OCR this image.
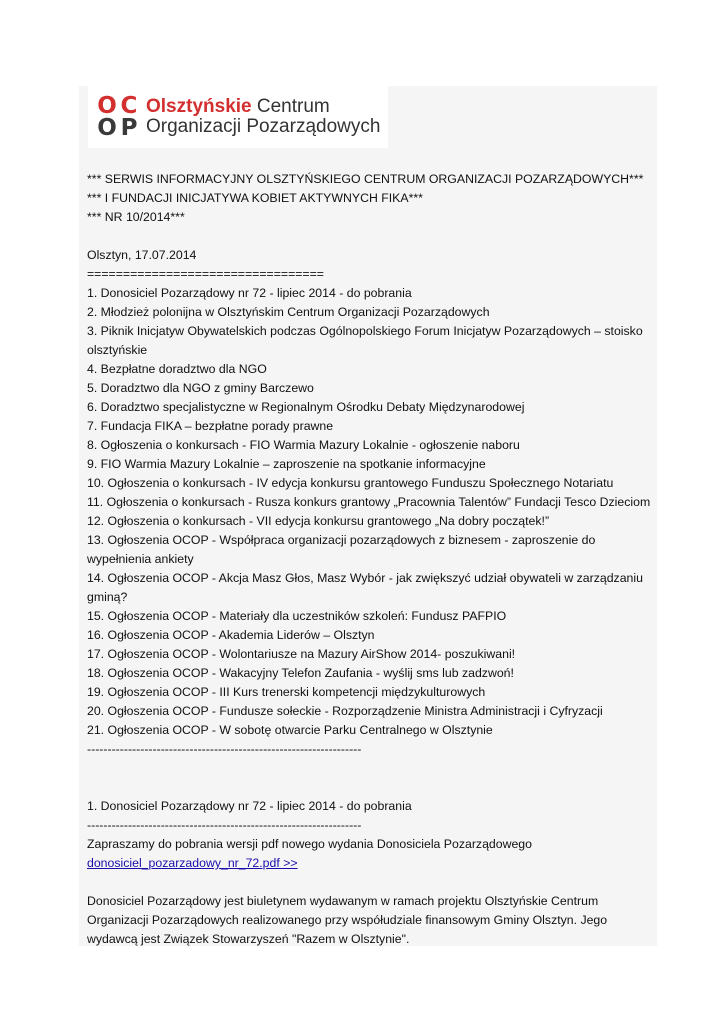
O C
O P
Olsztyńskie Centrum
Organizacji Pozarządowych
*** SERWIS INFORMACYJNY OLSZTYŃSKIEGO CENTRUM ORGANIZACJI POZARZĄDOWYCH***
*** I FUNDACJI INICJATYWA KOBIET AKTYWNYCH FIKA***
*** NR 10/2014***
Olsztyn, 17.07.2014
=================================
1. Donosiciel Pozarządowy nr 72 - lipiec 2014 - do pobrania
2. Młodzież polonijna w Olsztyńskim Centrum Organizacji Pozarządowych
3. Piknik Inicjatyw Obywatelskich podczas Ogólnopolskiego Forum Inicjatyw Pozarządowych – stoisko olsztyńskie
4. Bezpłatne doradztwo dla NGO
5. Doradztwo dla NGO z gminy Barczewo
6. Doradztwo specjalistyczne w Regionalnym Ośrodku Debaty Międzynarodowej
7. Fundacja FIKA – bezpłatne porady prawne
8. Ogłoszenia o konkursach - FIO Warmia Mazury Lokalnie - ogłoszenie naboru
9. FIO Warmia Mazury Lokalnie – zaproszenie na spotkanie informacyjne
10. Ogłoszenia o konkursach - IV edycja konkursu grantowego Funduszu Społecznego Notariatu
11. Ogłoszenia o konkursach - Rusza konkurs grantowy „Pracownia Talentów” Fundacji Tesco Dzieciom
12. Ogłoszenia o konkursach - VII edycja konkursu grantowego „Na dobry początek!”
13. Ogłoszenia OCOP - Współpraca organizacji pozarządowych z biznesem - zaproszenie do wypełnienia ankiety
14. Ogłoszenia OCOP - Akcja Masz Głos, Masz Wybór - jak zwiększyć udział obywateli w zarządzaniu gminą?
15. Ogłoszenia OCOP - Materiały dla uczestników szkoleń: Fundusz PAFPIO
16. Ogłoszenia OCOP - Akademia Liderów – Olsztyn
17. Ogłoszenia OCOP - Wolontariusze na Mazury AirShow 2014- poszukiwani!
18. Ogłoszenia OCOP - Wakacyjny Telefon Zaufania - wyślij sms lub zadzwoń!
19. Ogłoszenia OCOP - III Kurs trenerski kompetencji międzykulturowych
20. Ogłoszenia OCOP - Fundusze sołeckie - Rozporządzenie Ministra Administracji i Cyfryzacji
21. Ogłoszenia OCOP - W sobotę otwarcie Parku Centralnego w Olsztynie
-------------------------------------------------------------------
1. Donosiciel Pozarządowy nr 72 - lipiec 2014 - do pobrania
-------------------------------------------------------------------
Zapraszamy do pobrania wersji pdf nowego wydania Donosiciela Pozarządowego
donosiciel_pozarzadowy_nr_72.pdf >>
Donosiciel Pozarządowy jest biuletynem wydawanym w ramach projektu Olsztyńskie Centrum Organizacji Pozarządowych realizowanego przy współudziale finansowym Gminy Olsztyn. Jego wydawcą jest Związek Stowarzyszeń "Razem w Olsztynie".
